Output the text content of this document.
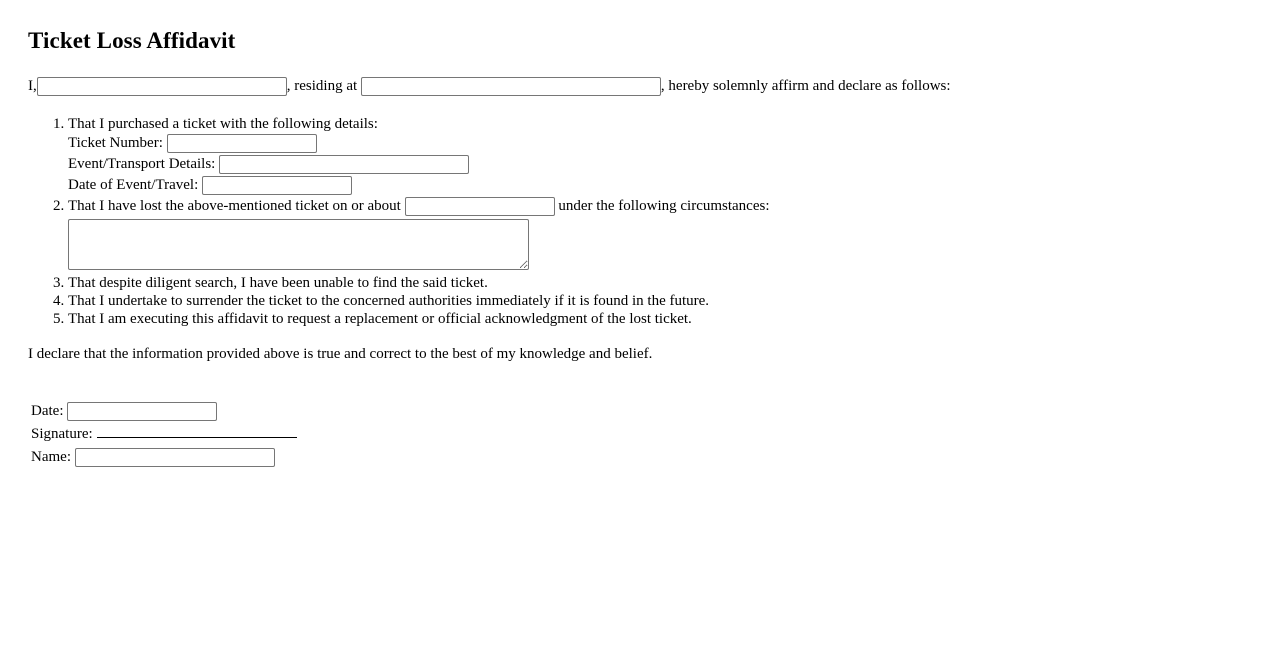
Ticket Loss Affidavit
I,	, residing at	, hereby solemnly affirm and declare as follows:
1. That I purchased a ticket with the following details:
Ticket Number:
Event/Transport Details:
Date of Event/Travel:
2. That I have lost the above-mentioned ticket on or about	under the following circumstances:
3. That despite diligent search, I have been unable to find the said ticket.
4. That I undertake to surrender the ticket to the concerned authorities immediately if it is found in the future.
5. That I am executing this affidavit to request a replacement or official acknowledgment of the lost ticket.
I declare that the information provided above is true and correct to the best of my knowledge and belief.
Date:
Signature:
Name:
